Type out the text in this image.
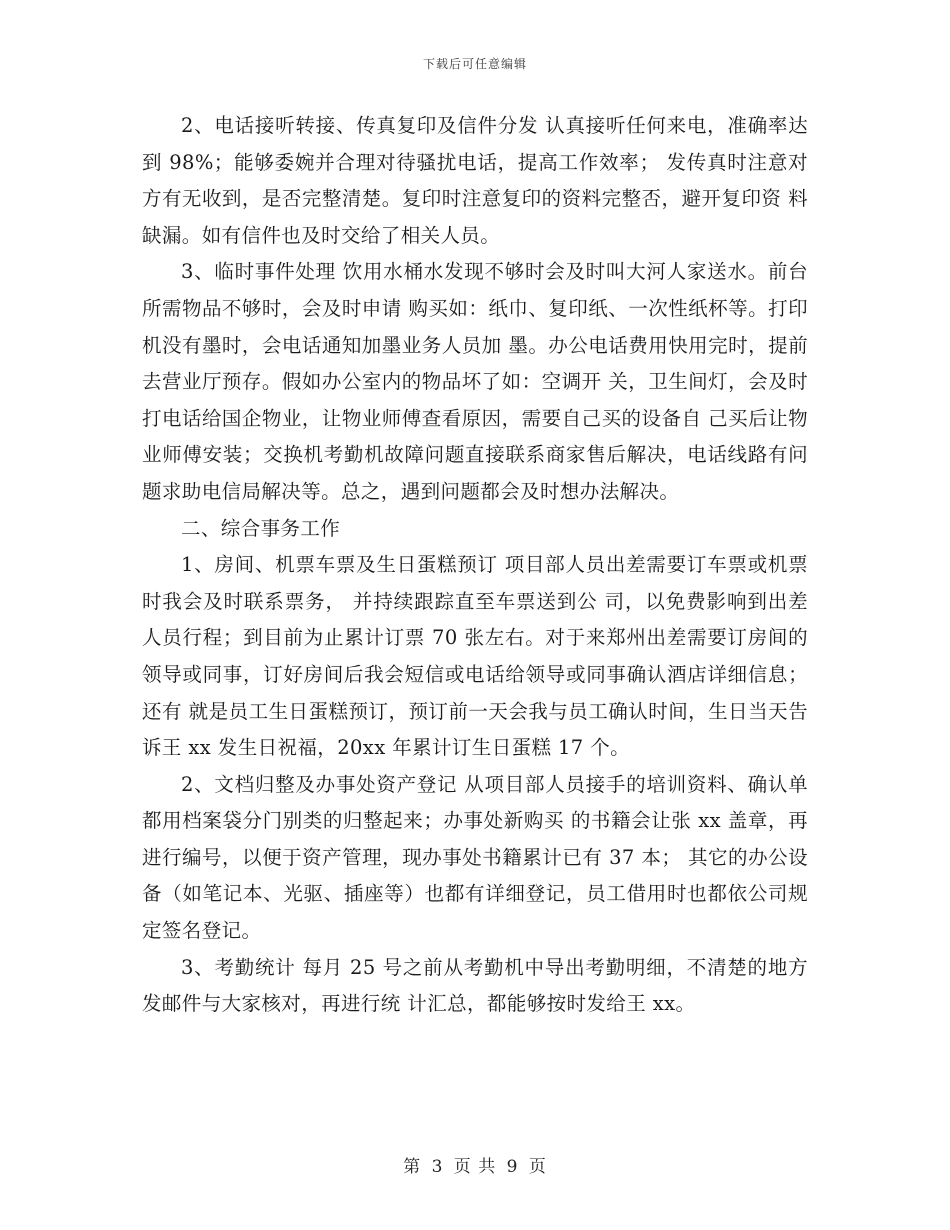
下载后可任意编辑

2、电话接听转接、传真复印及信件分发 认真接听任何来电，准确率达到 98%；能够委婉并合理对待骚扰电话，提高工作效率； 发传真时注意对方有无收到，是否完整清楚。复印时注意复印的资料完整否，避开复印资 料缺漏。如有信件也及时交给了相关人员。

3、临时事件处理 饮用水桶水发现不够时会及时叫大河人家送水。前台所需物品不够时，会及时申请 购买如：纸巾、复印纸、一次性纸杯等。打印机没有墨时，会电话通知加墨业务人员加 墨。办公电话费用快用完时，提前去营业厅预存。假如办公室内的物品坏了如：空调开 关，卫生间灯，会及时打电话给国企物业，让物业师傅查看原因，需要自己买的设备自 己买后让物业师傅安装；交换机考勤机故障问题直接联系商家售后解决，电话线路有问 题求助电信局解决等。总之，遇到问题都会及时想办法解决。

二、综合事务工作

1、房间、机票车票及生日蛋糕预订 项目部人员出差需要订车票或机票时我会及时联系票务， 并持续跟踪直至车票送到公 司，以免费影响到出差人员行程；到目前为止累计订票 70 张左右。对于来郑州出差需要订房间的领导或同事，订好房间后我会短信或电话给领导或同事确认酒店详细信息；还有 就是员工生日蛋糕预订，预订前一天会我与员工确认时间，生日当天告诉王 xx 发生日祝福，20xx 年累计订生日蛋糕 17 个。

2、文档归整及办事处资产登记 从项目部人员接手的培训资料、确认单都用档案袋分门别类的归整起来；办事处新购买 的书籍会让张 xx 盖章，再进行编号，以便于资产管理，现办事处书籍累计已有 37 本； 其它的办公设备（如笔记本、光驱、插座等）也都有详细登记，员工借用时也都依公司规 定签名登记。

3、考勤统计 每月 25 号之前从考勤机中导出考勤明细，不清楚的地方发邮件与大家核对，再进行统 计汇总，都能够按时发给王 xx。

第 3 页 共 9 页
